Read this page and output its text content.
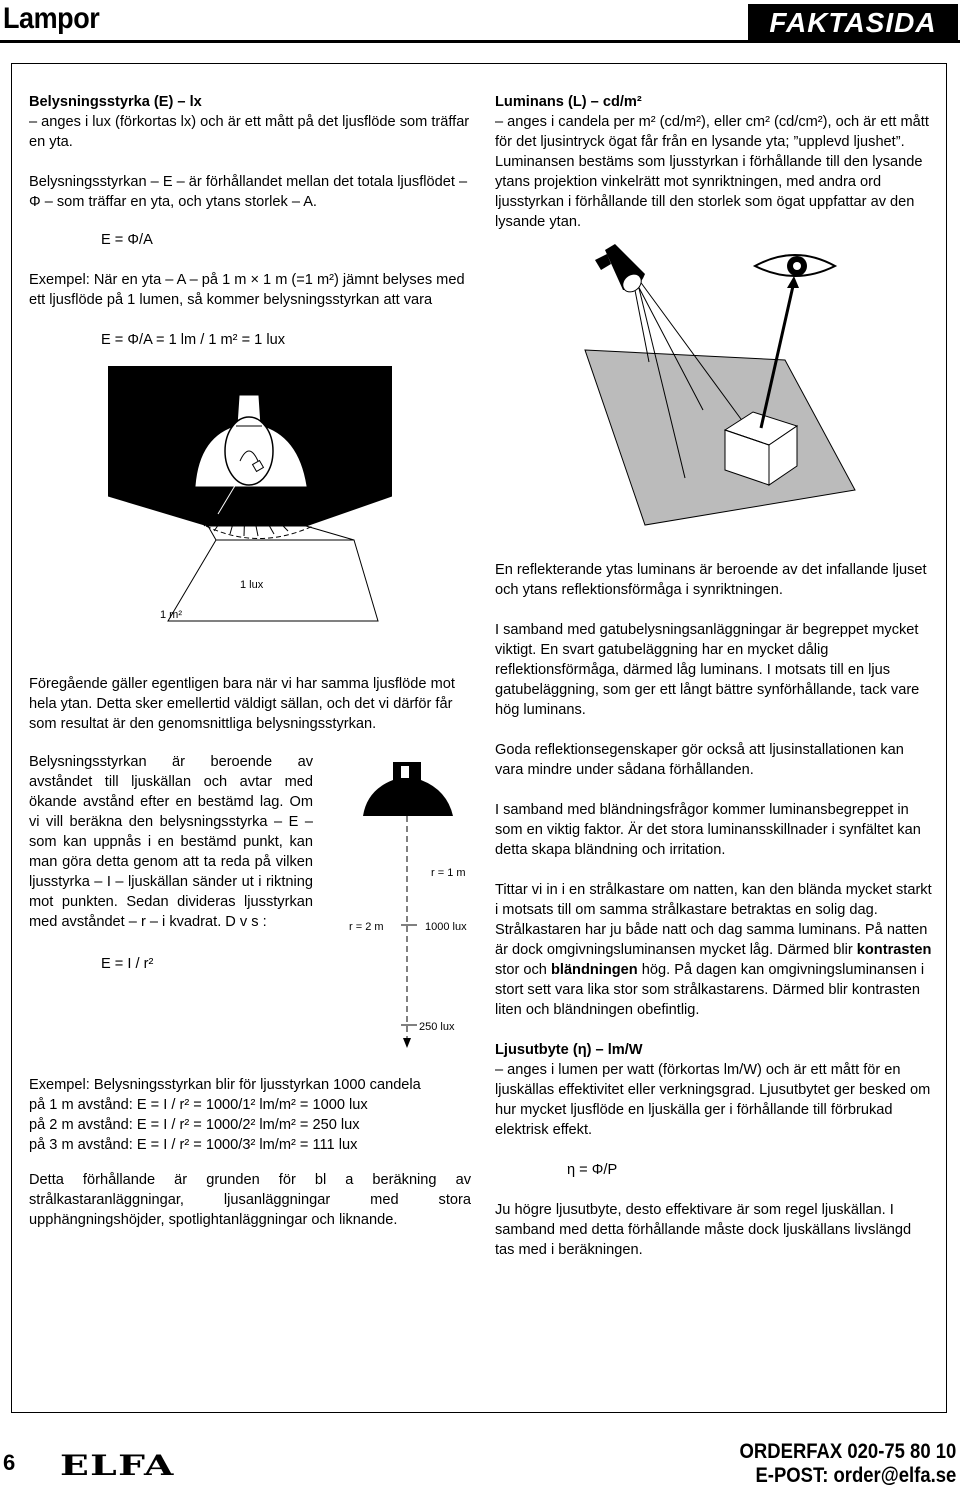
Lampor	FAKTASIDA

Belysningsstyrka (E) – lx

– anges i lux (förkortas lx) och är ett mått på det ljusflöde som träffar en yta.

Belysningsstyrkan – E – är förhållandet mellan det totala ljusflödet – Φ – som träffar en yta, och ytans storlek – A.

E = Φ/A

Exempel: När en yta – A – på 1 m × 1 m (=1 m²) jämnt belyses med ett ljusflöde på 1 lumen, så kommer belysningsstyrkan att vara

E = Φ/A = 1 lm / 1 m² = 1 lux

1 lumen
1 lux
1 m²

Föregående gäller egentligen bara när vi har samma ljusflöde mot hela ytan. Detta sker emellertid väldigt sällan, och det vi därför får som resultat är den genomsnittliga belysningsstyrkan.

Belysningsstyrkan är beroende av avståndet till ljuskällan och avtar med ökande avstånd efter en bestämd lag. Om vi vill beräkna den belysningsstyrka – E – som kan uppnås i en bestämd punkt, kan man göra detta genom att ta reda på vilken ljusstyrka – I – ljuskällan sänder ut i riktning mot punkten. Sedan divideras ljusstyrkan med avståndet – r – i kvadrat. D v s :

E = I / r²

r = 1 m
r = 2 m	1000 lux
250 lux

Exempel: Belysningsstyrkan blir för ljusstyrkan 1000 candela

på 1 m avstånd: E = I / r² = 1000/1² lm/m² = 1000 lux

på 2 m avstånd: E = I / r² = 1000/2² lm/m² = 250 lux

på 3 m avstånd: E = I / r² = 1000/3² lm/m² = 111 lux

Detta förhållande är grunden för bl a beräkning av strålkastaranläggningar, ljusanläggningar med stora upphängningshöjder, spotlightanläggningar och liknande.

Luminans (L) – cd/m²

– anges i candela per m² (cd/m²), eller cm² (cd/cm²), och är ett mått för det ljusintryck ögat får från en lysande yta; ”upplevd ljushet”. Luminansen bestäms som ljusstyrkan i förhållande till den lysande ytans projektion vinkelrätt mot synriktningen, med andra ord ljusstyrkan i förhållande till den storlek som ögat uppfattar av den lysande ytan.

En reflekterande ytas luminans är beroende av det infallande ljuset och ytans reflektionsförmåga i synriktningen.

I samband med gatubelysningsanläggningar är begreppet mycket viktigt. En svart gatubeläggning har en mycket dålig reflektionsförmåga, därmed låg luminans. I motsats till en ljus gatubeläggning, som ger ett långt bättre synförhållande, tack vare hög luminans.

Goda reflektionsegenskaper gör också att ljusinstallationen kan vara mindre under sådana förhållanden.

I samband med bländningsfrågor kommer luminansbegreppet in som en viktig faktor. Är det stora luminansskillnader i synfältet kan detta skapa bländning och irritation.

Tittar vi in i en strålkastare om natten, kan den blända mycket starkt i motsats till om samma strålkastare betraktas en solig dag. Strålkastaren har ju både natt och dag samma luminans. På natten är dock omgivningsluminansen mycket låg. Därmed blir kontrasten stor och bländningen hög. På dagen kan omgivningsluminansen i stort sett vara lika stor som strålkastarens. Därmed blir kontrasten liten och bländningen obefintlig.

Ljusutbyte (η) – lm/W

– anges i lumen per watt (förkortas lm/W) och är ett mått för en ljuskällas effektivitet eller verkningsgrad. Ljusutbytet ger besked om hur mycket ljusflöde en ljuskälla ger i förhållande till förbrukad elektrisk effekt.

η = Φ/P

Ju högre ljusutbyte, desto effektivare är som regel ljuskällan. I samband med detta förhållande måste dock ljuskällans livslängd tas med i beräkningen.

6 ELFA	ORDERFAX 020-75 80 10
E-POST: order@elfa.se
